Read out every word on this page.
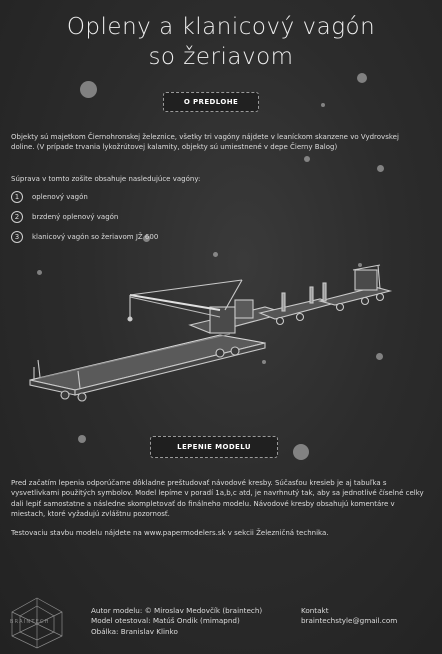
Opleny a klanicový vagón
so žeriavom
O PREDLOHE
Objekty sú majetkom Čiernohronskej železnice, všetky tri vagóny nájdete v leaníckom skanzene vo Vydrovskej doline. (V prípade trvania lykožrútovej kalamity, objekty sú umiestnené v depe Čierny Balog)
Súprava v tomto zošite obsahuje nasledujúce vagóny:
1	oplenový vagón
2	brzdený oplenový vagón
3	klanicový vagón so žeriavom JŽ 600
LEPENIE MODELU
Pred začatím lepenia odporúčame dôkladne preštudovať návodové kresby. Súčasťou kresieb je aj tabuľka s vysvetlivkami použitých symbolov. Model lepíme v poradí 1a,b,c atd, je navrhnutý tak, aby sa jednotlivé číselné celky dali lepiť samostatne a následne skompletovať do finálneho modelu. Návodové kresby obsahujú komentáre v miestach, ktoré vyžadujú zvláštnu pozornosť.
Testovaciu stavbu modelu nájdete na www.papermodelers.sk v sekcii Železničná technika.
BRAINTECH
Autor modelu: © Miroslav Medovčík (braintech)
Model otestoval: Matúš Ondik (mimapnd)
Obálka: Branislav Klinko
Kontakt
braintechstyle@gmail.com
